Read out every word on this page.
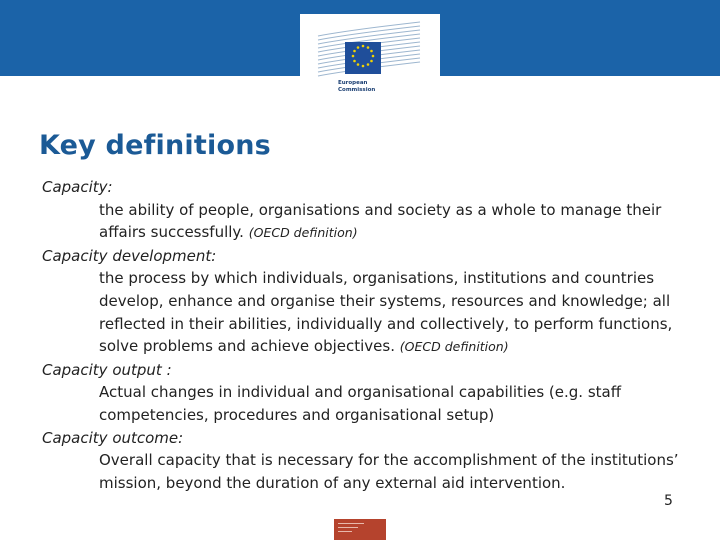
European
Commission
Key definitions
Capacity:
the ability of people, organisations and society as a whole to manage their affairs successfully. (OECD definition)
Capacity development:
the process by which individuals, organisations, institutions and countries develop, enhance and organise their systems, resources and knowledge; all reflected in their abilities, individually and collectively, to perform functions, solve problems and achieve objectives. (OECD definition)
Capacity output :
Actual changes in individual and organisational capabilities (e.g. staff competencies, procedures and organisational setup)
Capacity outcome:
Overall capacity that is necessary for the accomplishment of the institutions’ mission, beyond the duration of any external aid intervention.
5
